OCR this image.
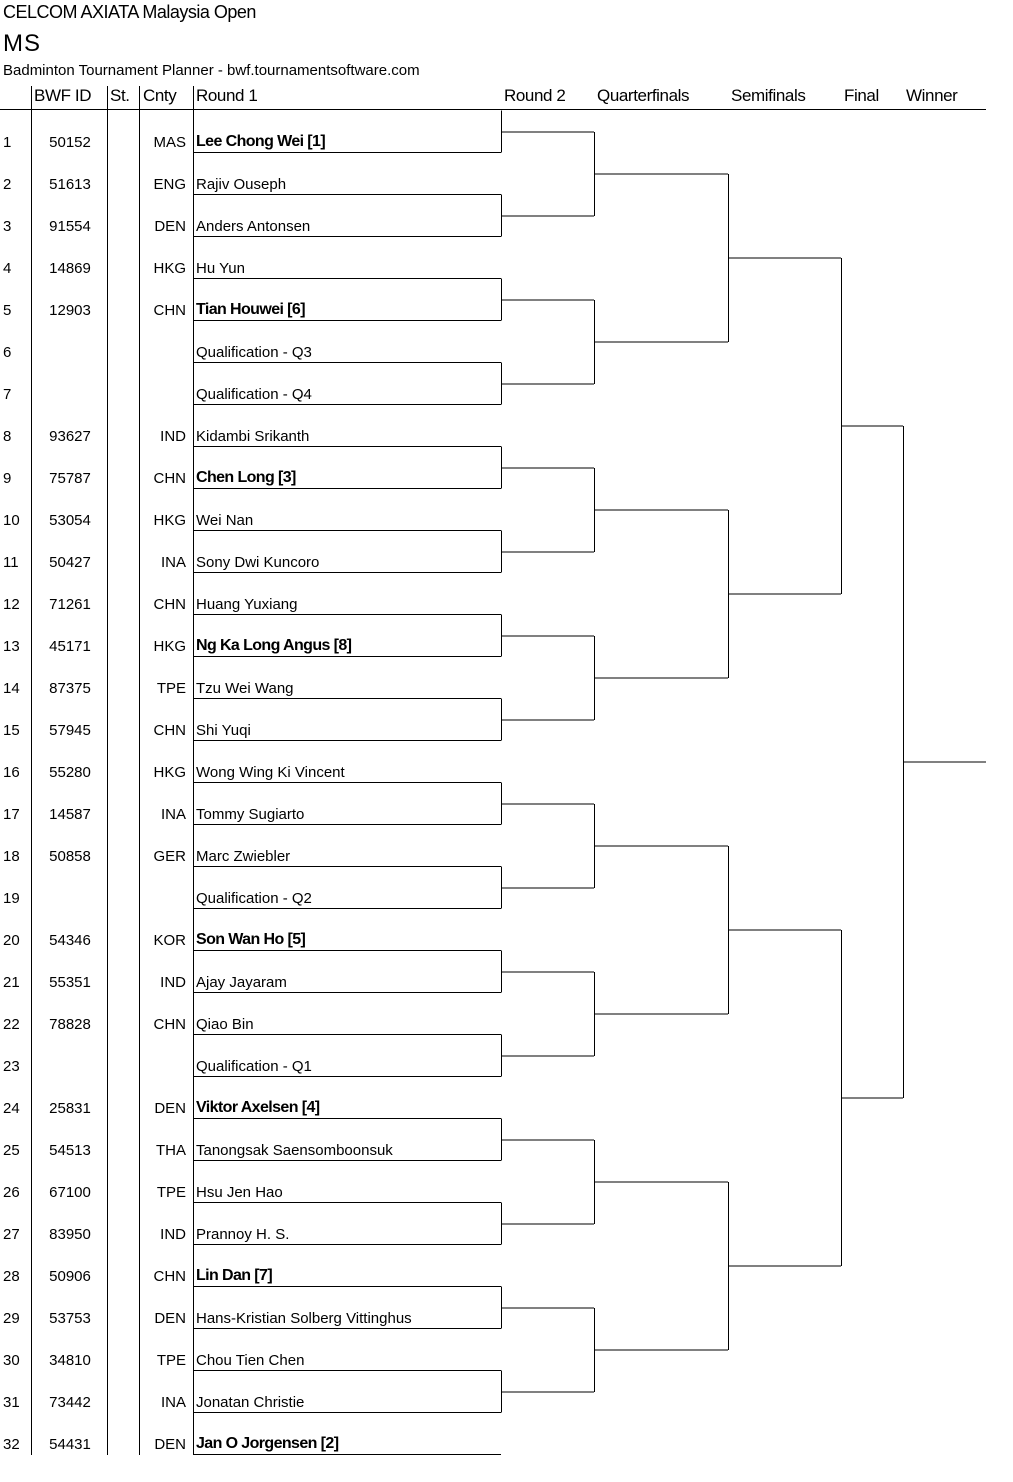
CELCOM AXIATA Malaysia Open
MS
Badminton Tournament Planner - bwf.tournamentsoftware.com
BWF ID St. Cnty Round 1	Round 2 Quarterfinals Semifinals Final Winner
1	50152	MAS Lee Chong Wei [1]
2	51613	ENG Rajiv Ouseph
3	91554	DEN Anders Antonsen
4	14869	HKG Hu Yun
5	12903	CHN Tian Houwei [6]
6	Qualification - Q3
7	Qualification - Q4
8	93627	IND Kidambi Srikanth
9	75787	CHN Chen Long [3]
10	53054	HKG Wei Nan
11	50427	INA Sony Dwi Kuncoro
12	71261	CHN Huang Yuxiang
13	45171	HKG Ng Ka Long Angus [8]
14	87375	TPE Tzu Wei Wang
15	57945	CHN Shi Yuqi
16	55280	HKG Wong Wing Ki Vincent
17	14587	INA Tommy Sugiarto
18	50858	GER Marc Zwiebler
19	Qualification - Q2
20	54346	KOR Son Wan Ho [5]
21	55351	IND Ajay Jayaram
22	78828	CHN Qiao Bin
23	Qualification - Q1
24	25831	DEN Viktor Axelsen [4]
25	54513	THA Tanongsak Saensomboonsuk
26	67100	TPE Hsu Jen Hao
27	83950	IND Prannoy H. S.
28	50906	CHN Lin Dan [7]
29	53753	DEN Hans-Kristian Solberg Vittinghus
30	34810	TPE Chou Tien Chen
31	73442	INA Jonatan Christie
32	54431	DEN Jan O Jorgensen [2]
